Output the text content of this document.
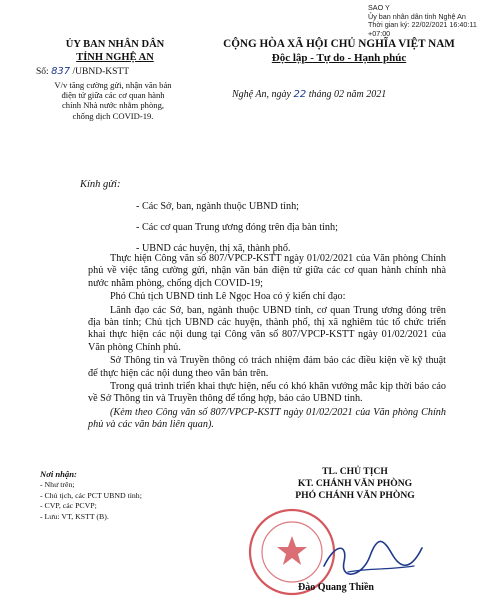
SAO Y
Ủy ban nhân dân tỉnh Nghệ An
Thời gian ký: 22/02/2021 16:40:11 +07:00
ỦY BAN NHÂN DÂN
TỈNH NGHỆ AN
CỘNG HÒA XÃ HỘI CHỦ NGHĨA VIỆT NAM
Độc lập - Tự do - Hạnh phúc
Số: 837 /UBND-KSTT
V/v tăng cường gửi, nhận văn bản
điện tử giữa các cơ quan hành
chính Nhà nước nhằm phòng,
chống dịch COVID-19.
Nghệ An, ngày 22 tháng 02 năm 2021
Kính gửi:
- Các Sở, ban, ngành thuộc UBND tỉnh;
- Các cơ quan Trung ương đóng trên địa bàn tỉnh;
- UBND các huyện, thị xã, thành phố.

Thực hiện Công văn số 807/VPCP-KSTT ngày 01/02/2021 của Văn phòng Chính phủ về việc tăng cường gửi, nhận văn bản điện tử giữa các cơ quan hành chính nhà nước nhằm phòng, chống dịch COVID-19;

Phó Chủ tịch UBND tỉnh Lê Ngọc Hoa có ý kiến chỉ đạo:

Lãnh đạo các Sở, ban, ngành thuộc UBND tỉnh, cơ quan Trung ương đóng trên địa bàn tỉnh; Chủ tịch UBND các huyện, thành phố, thị xã nghiêm túc tổ chức triển khai thực hiện các nội dung tại Công văn số 807/VPCP-KSTT ngày 01/02/2021 của Văn phòng Chính phủ.

Sở Thông tin và Truyền thông có trách nhiệm đảm bảo các điều kiện về kỹ thuật để thực hiện các nội dung theo văn bản trên.

Trong quá trình triển khai thực hiện, nếu có khó khăn vướng mắc kịp thời báo cáo về Sở Thông tin và Truyền thông để tổng hợp, báo cáo UBND tỉnh.

(Kèm theo Công văn số 807/VPCP-KSTT ngày 01/02/2021 của Văn phòng Chính phủ và các văn bản liên quan).

Nơi nhận:
- Như trên;
- Chủ tịch, các PCT UBND tỉnh;
- CVP, các PCVP;
- Lưu: VT, KSTT (B).
TL. CHỦ TỊCH
KT. CHÁNH VĂN PHÒNG
PHÓ CHÁNH VĂN PHÒNG
Đào Quang Thiền
